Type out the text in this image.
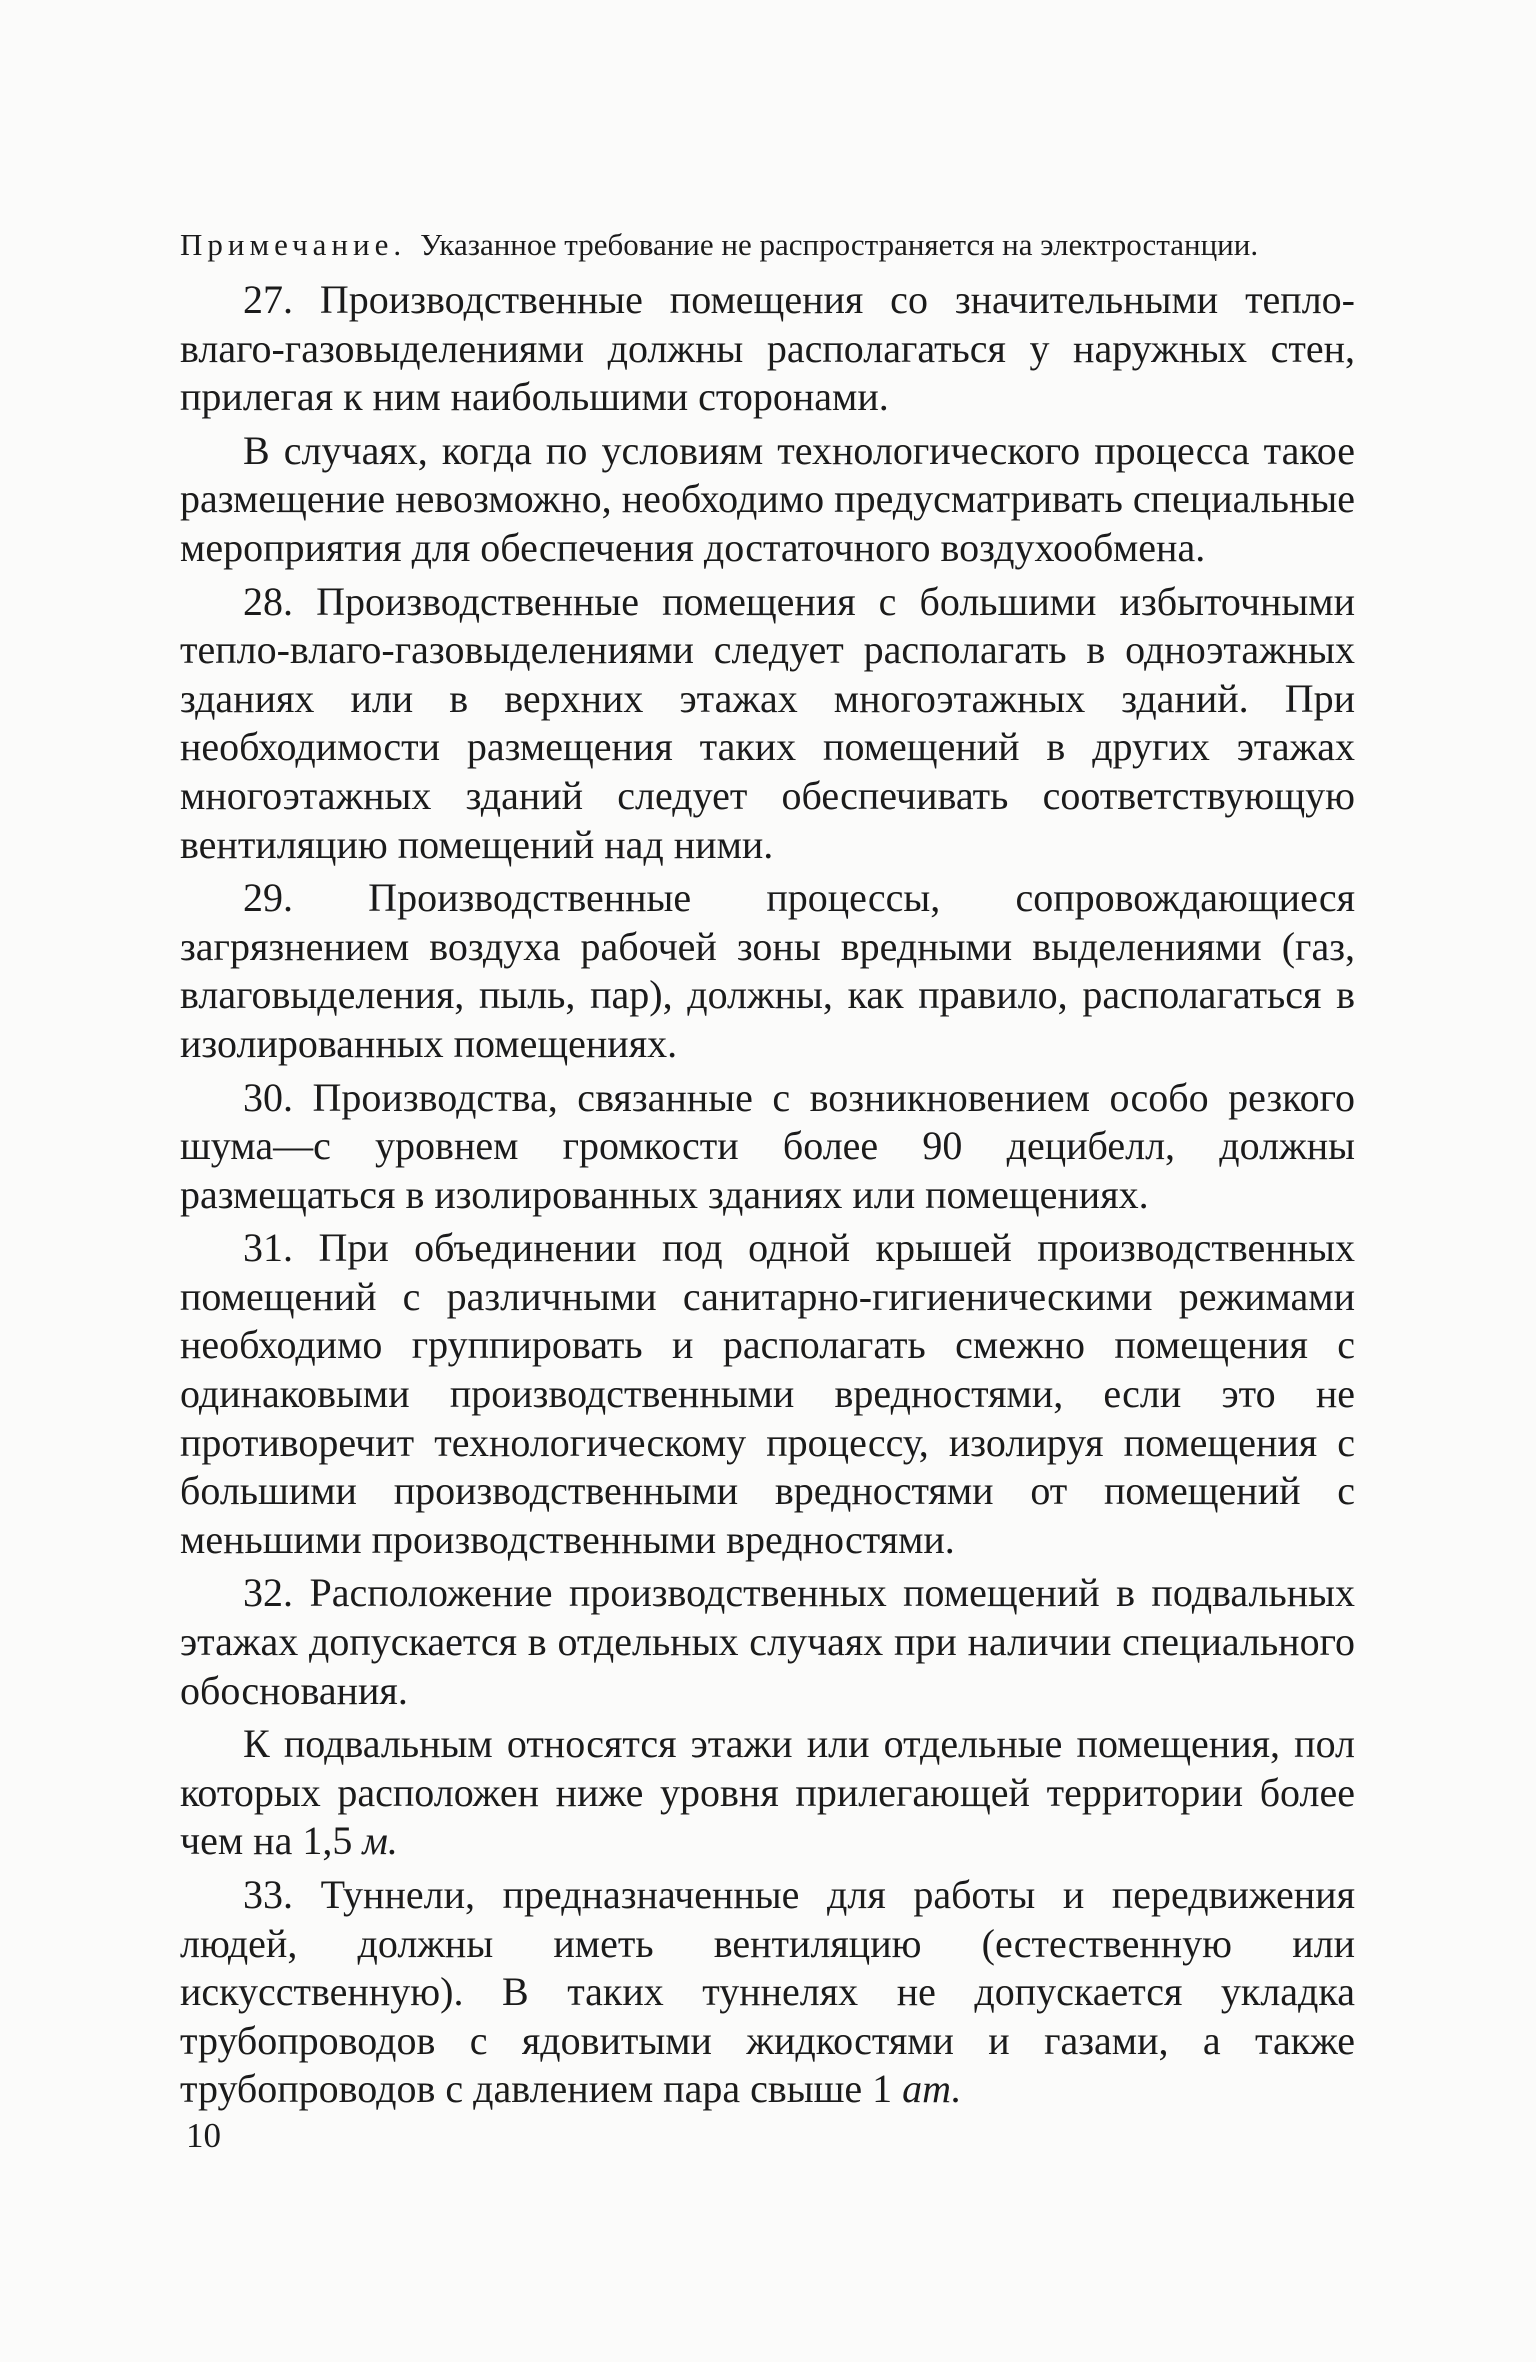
Примечание. Указанное требование не распространяется на электростанции.

27. Производственные помещения со значительными тепло-влаго-газовыделениями должны располагаться у наружных стен, прилегая к ним наибольшими сторонами.

В случаях, когда по условиям технологического процесса такое размещение невозможно, необходимо предусматривать специальные мероприятия для обеспечения достаточного воздухообмена.

28. Производственные помещения с большими избыточными тепло-влаго-газовыделениями следует располагать в одноэтажных зданиях или в верхних этажах многоэтажных зданий. При необходимости размещения таких помещений в других этажах многоэтажных зданий следует обеспечивать соответствующую вентиляцию помещений над ними.

29. Производственные процессы, сопровождающиеся загрязнением воздуха рабочей зоны вредными выделениями (газ, влаговыделения, пыль, пар), должны, как правило, располагаться в изолированных помещениях.

30. Производства, связанные с возникновением особо резкого шума—с уровнем громкости более 90 децибелл, должны размещаться в изолированных зданиях или помещениях.

31. При объединении под одной крышей производственных помещений с различными санитарно-гигиеническими режимами необходимо группировать и располагать смежно помещения с одинаковыми производственными вредностями, если это не противоречит технологическому процессу, изолируя помещения с большими производственными вредностями от помещений с меньшими производственными вредностями.

32. Расположение производственных помещений в подвальных этажах допускается в отдельных случаях при наличии специального обоснования.

К подвальным относятся этажи или отдельные помещения, пол которых расположен ниже уровня прилегающей территории более чем на 1,5 м.

33. Туннели, предназначенные для работы и передвижения людей, должны иметь вентиляцию (естественную или искусственную). В таких туннелях не допускается укладка трубопроводов с ядовитыми жидкостями и газами, а также трубопроводов с давлением пара свыше 1 ат.

10
